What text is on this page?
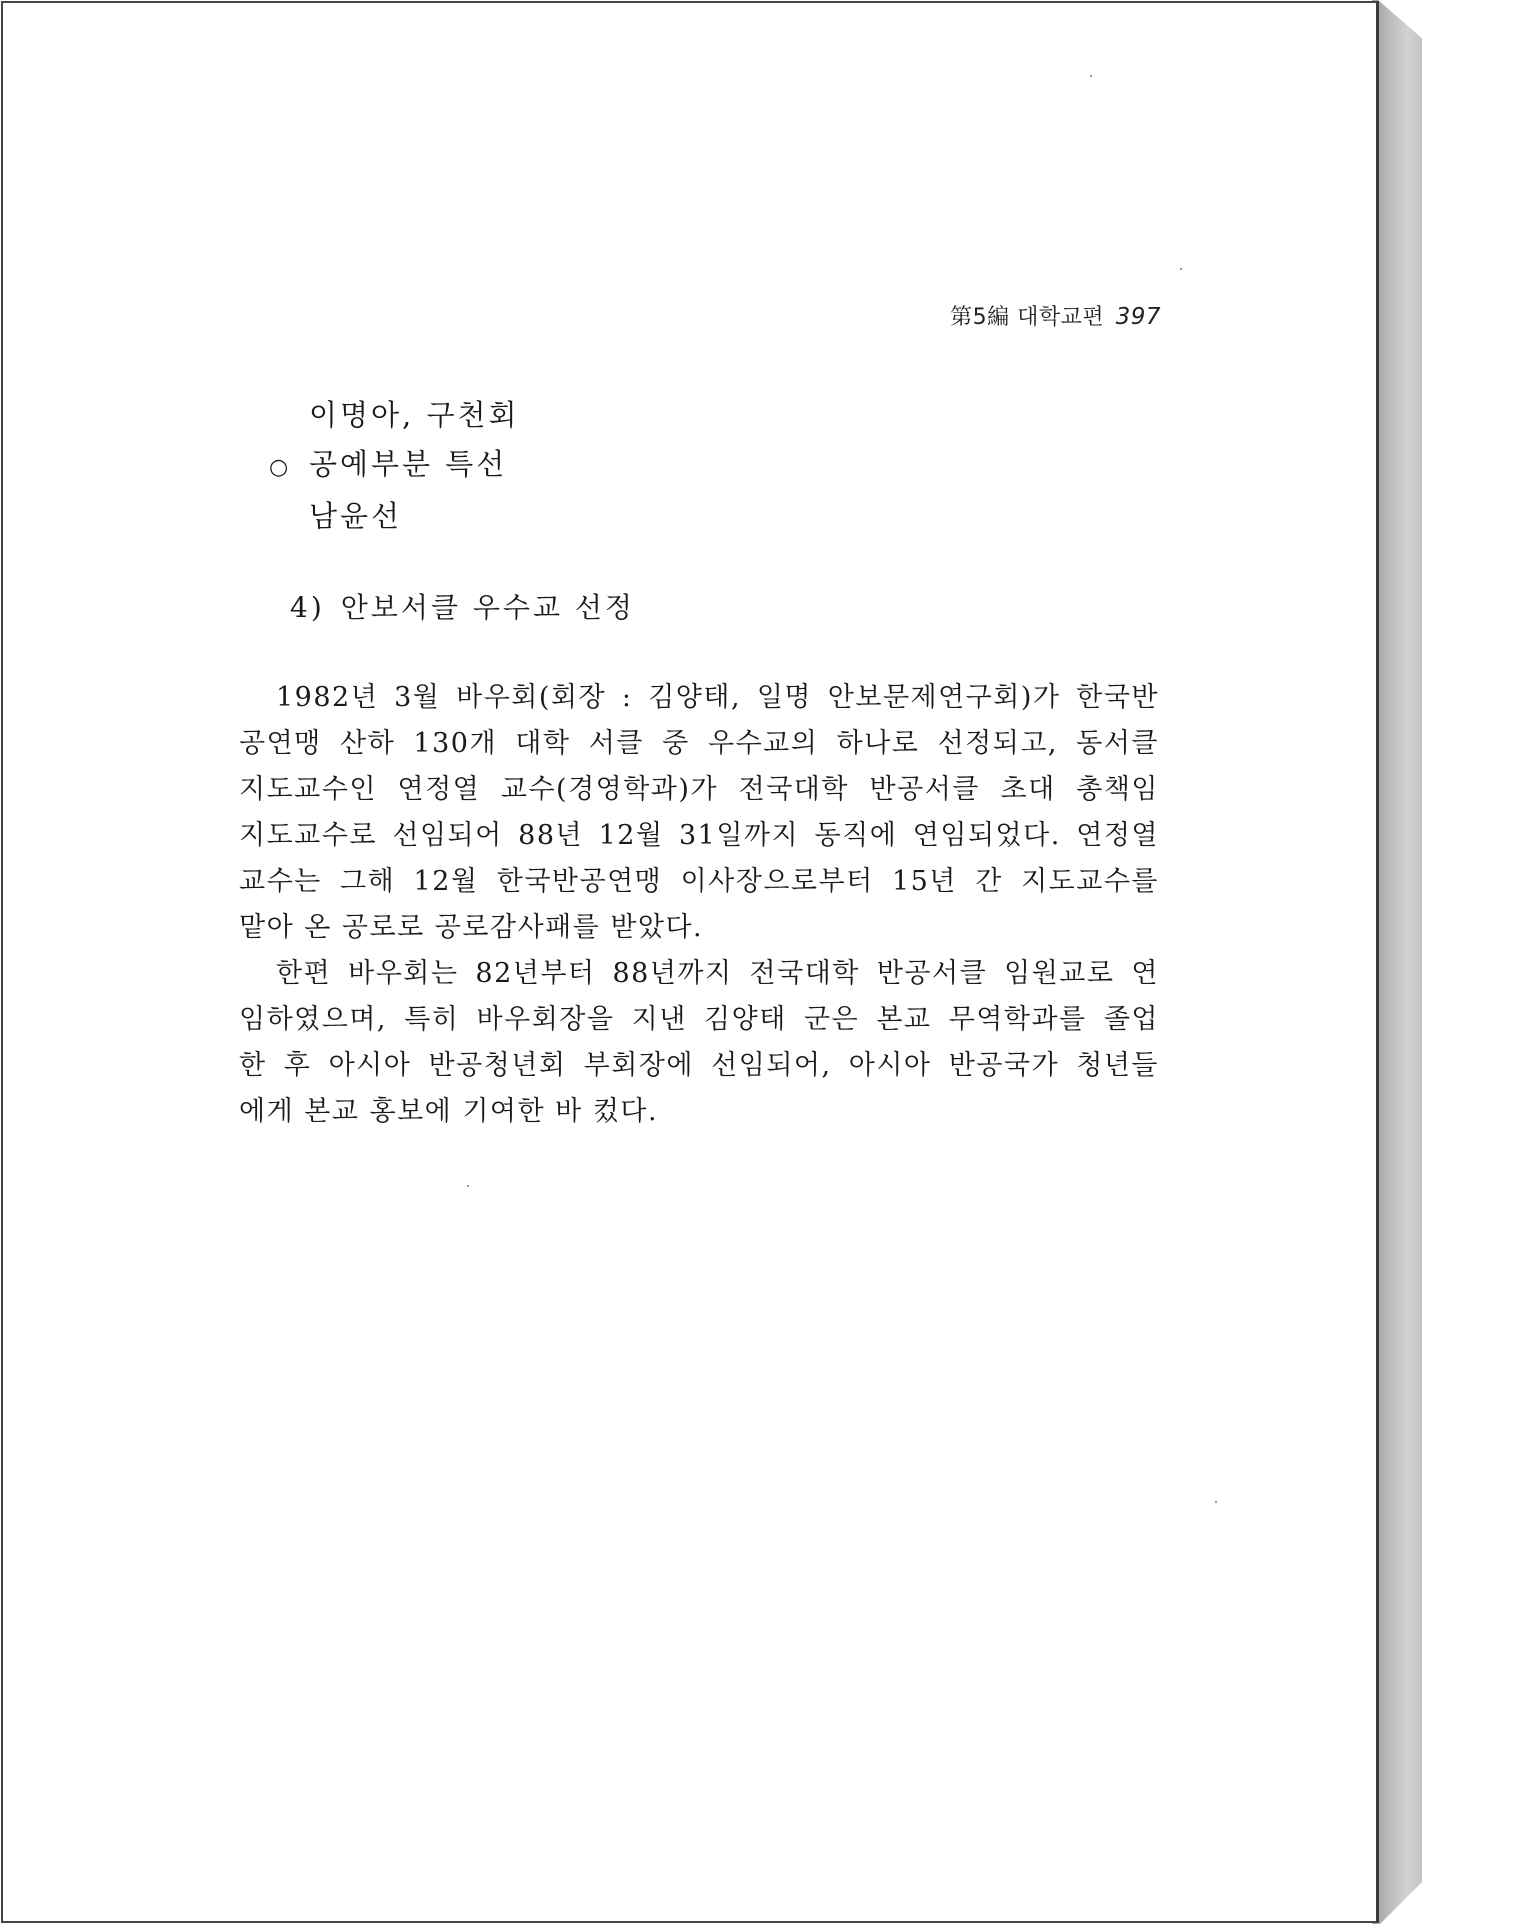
第5編 대학교편 397
이명아, 구천회
○ 공예부분 특선
남윤선
4) 안보서클 우수교 선정
1982년 3월 바우회(회장 : 김양태, 일명 안보문제연구회)가 한국반
공연맹 산하 130개 대학 서클 중 우수교의 하나로 선정되고, 동서클
지도교수인 연정열 교수(경영학과)가 전국대학 반공서클 초대 총책임
지도교수로 선임되어 88년 12월 31일까지 동직에 연임되었다. 연정열
교수는 그해 12월 한국반공연맹 이사장으로부터 15년 간 지도교수를
맡아 온 공로로 공로감사패를 받았다.
한편 바우회는 82년부터 88년까지 전국대학 반공서클 임원교로 연
임하였으며, 특히 바우회장을 지낸 김양태 군은 본교 무역학과를 졸업
한 후 아시아 반공청년회 부회장에 선임되어, 아시아 반공국가 청년들
에게 본교 홍보에 기여한 바 컸다.
